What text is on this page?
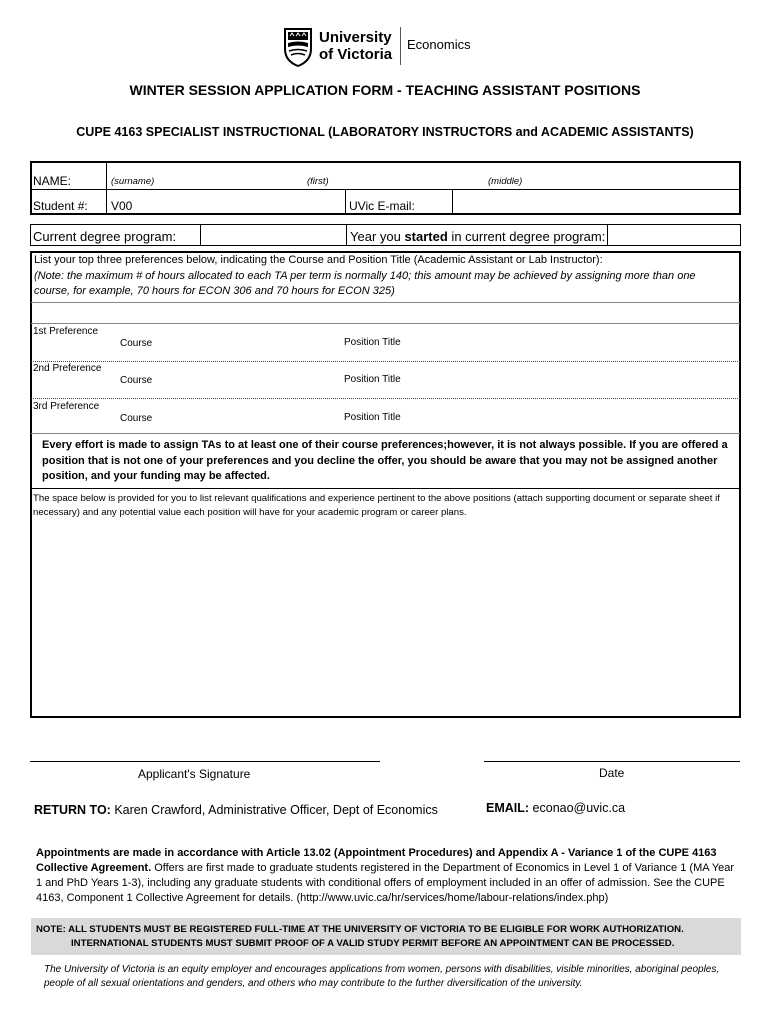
University
of Victoria
Economics
WINTER SESSION APPLICATION FORM - TEACHING ASSISTANT POSITIONS
CUPE 4163 SPECIALIST INSTRUCTIONAL (LABORATORY INSTRUCTORS and ACADEMIC ASSISTANTS)
NAME:	(surname)	(first)	(middle)
Student #: V00	UVic E-mail:
Current degree program:	Year you started in current degree program:
List your top three preferences below, indicating the Course and Position Title (Academic Assistant or Lab Instructor):
(Note: the maximum # of hours allocated to each TA per term is normally 140; this amount may be achieved by assigning more than one course, for example, 70 hours for ECON 306 and 70 hours for ECON 325)
1st Preference
Course	Position Title
2nd Preference
Course	Position Title
3rd Preference
Course	Position Title
Every effort is made to assign TAs to at least one of their course preferences;however, it is not always possible. If you are offered a position that is not one of your preferences and you decline the offer, you should be aware that you may not be assigned another position, and your funding may be affected.
The space below is provided for you to list relevant qualifications and experience pertinent to the above positions (attach supporting document or separate sheet if necessary) and any potential value each position will have for your academic program or career plans.
Applicant's Signature	Date
RETURN TO: Karen Crawford, Administrative Officer, Dept of Economics	EMAIL: econao@uvic.ca
Appointments are made in accordance with Article 13.02 (Appointment Procedures) and Appendix A - Variance 1 of the CUPE 4163 Collective Agreement. Offers are first made to graduate students registered in the Department of Economics in Level 1 of Variance 1 (MA Year 1 and PhD Years 1-3), including any graduate students with conditional offers of employment included in an offer of admission. See the CUPE 4163, Component 1 Collective Agreement for details. (http://www.uvic.ca/hr/services/home/labour-relations/index.php)
NOTE: ALL STUDENTS MUST BE REGISTERED FULL-TIME AT THE UNIVERSITY OF VICTORIA TO BE ELIGIBLE FOR WORK AUTHORIZATION.
INTERNATIONAL STUDENTS MUST SUBMIT PROOF OF A VALID STUDY PERMIT BEFORE AN APPOINTMENT CAN BE PROCESSED.
The University of Victoria is an equity employer and encourages applications from women, persons with disabilities, visible minorities, aboriginal peoples, people of all sexual orientations and genders, and others who may contribute to the further diversification of the university.
